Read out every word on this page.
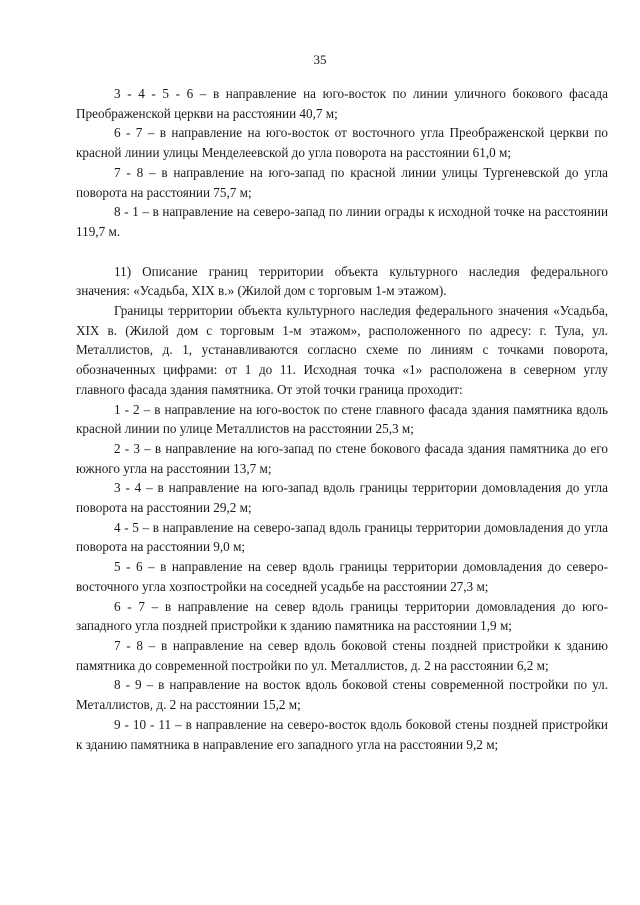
35

3 - 4 - 5 - 6 – в направление на юго-восток по линии уличного бокового фасада Преображенской церкви на расстоянии 40,7 м;

6 - 7 – в направление на юго-восток от восточного угла Преображенской церкви по красной линии улицы Менделеевской до угла поворота на расстоянии 61,0 м;

7 - 8 – в направление на юго-запад по красной линии улицы Тургеневской до угла поворота на расстоянии 75,7 м;

8 - 1 – в направление на северо-запад по линии ограды к исходной точке на расстоянии 119,7 м.

11) Описание границ территории объекта культурного наследия федерального значения: «Усадьба, XIX в.» (Жилой дом с торговым 1-м этажом).

Границы территории объекта культурного наследия федерального значения «Усадьба, XIX в. (Жилой дом с торговым 1-м этажом», расположенного по адресу: г. Тула, ул. Металлистов, д. 1, устанавливаются согласно схеме по линиям с точками поворота, обозначенных цифрами: от 1 до 11. Исходная точка «1» расположена в северном углу главного фасада здания памятника. От этой точки граница проходит:

1 - 2 – в направление на юго-восток по стене главного фасада здания памятника вдоль красной линии по улице Металлистов на расстоянии 25,3 м;

2 - 3 – в направление на юго-запад по стене бокового фасада здания памятника до его южного угла на расстоянии 13,7 м;

3 - 4 – в направление на юго-запад вдоль границы территории домовладения до угла поворота на расстоянии 29,2 м;

4 - 5 – в направление на северо-запад вдоль границы территории домовладения до угла поворота на расстоянии 9,0 м;

5 - 6 – в направление на север вдоль границы территории домовладения до северо-восточного угла хозпостройки на соседней усадьбе на расстоянии 27,3 м;

6 - 7 – в направление на север вдоль границы территории домовладения до юго-западного угла поздней пристройки к зданию памятника на расстоянии 1,9 м;

7 - 8 – в направление на север вдоль боковой стены поздней пристройки к зданию памятника до современной постройки по ул. Металлистов, д. 2 на расстоянии 6,2 м;

8 - 9 – в направление на восток вдоль боковой стены современной постройки по ул. Металлистов, д. 2 на расстоянии 15,2 м;

9 - 10 - 11 – в направление на северо-восток вдоль боковой стены поздней пристройки к зданию памятника в направление его западного угла на расстоянии 9,2 м;
